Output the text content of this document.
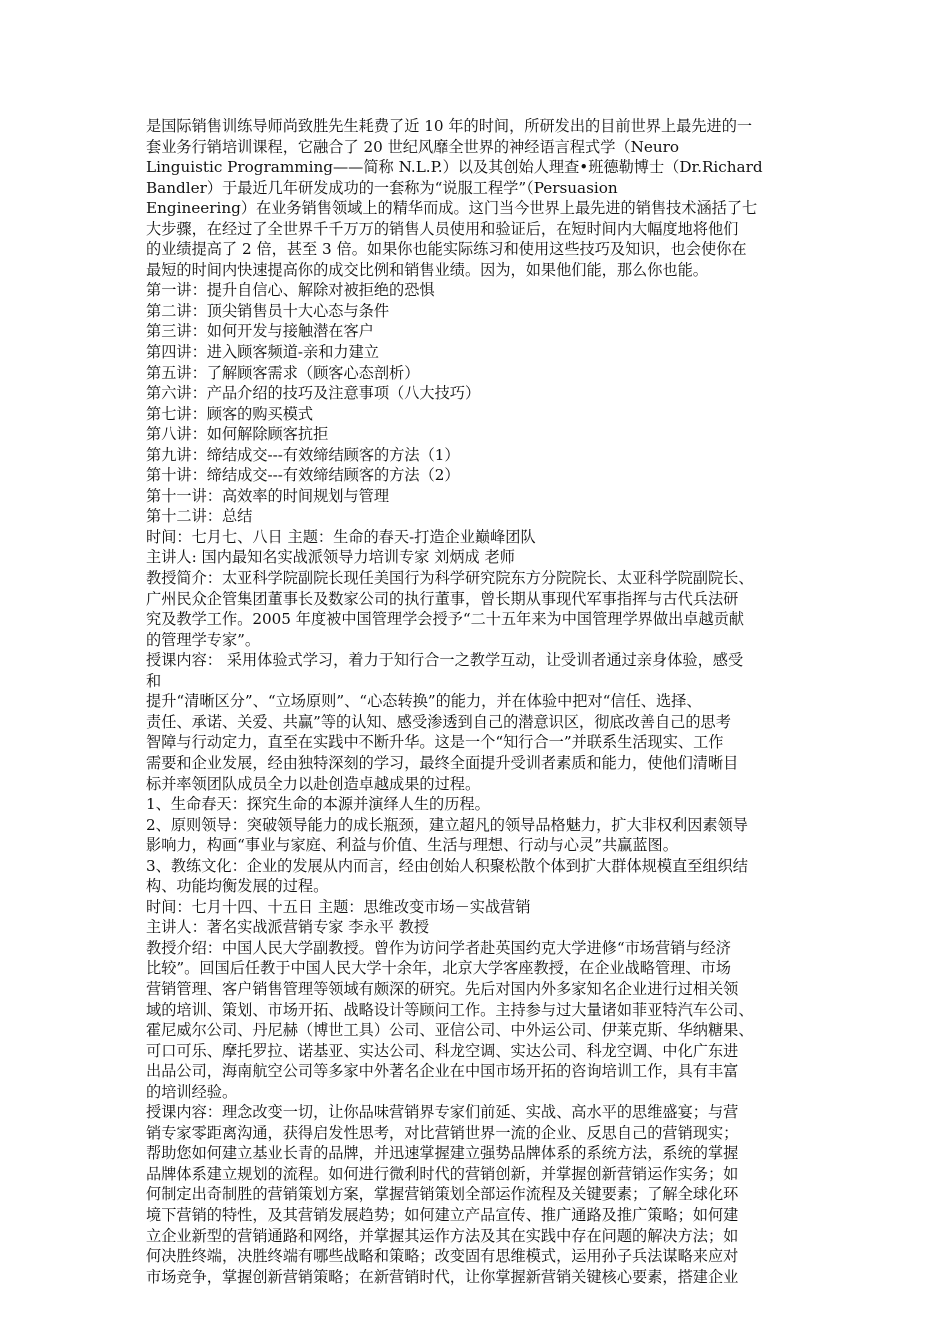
是国际销售训练导师尚致胜先生耗费了近 10 年的时间，所研发出的目前世界上最先进的一
套业务行销培训课程，它融合了 20 世纪风靡全世界的神经语言程式学（Neuro
Linguistic Programming——简称 N.L.P.）以及其创始人理查•班德勒博士（Dr.Richard
Bandler）于最近几年研发成功的一套称为“说服工程学”（Persuasion
Engineering）在业务销售领域上的精华而成。这门当今世界上最先进的销售技术涵括了七
大步骤，在经过了全世界千千万万的销售人员使用和验证后，在短时间内大幅度地将他们
的业绩提高了 2 倍，甚至 3 倍。如果你也能实际练习和使用这些技巧及知识，也会使你在
最短的时间内快速提高你的成交比例和销售业绩。因为，如果他们能，那么你也能。
第一讲：提升自信心、解除对被拒绝的恐惧
第二讲：顶尖销售员十大心态与条件
第三讲：如何开发与接触潜在客户
第四讲：进入顾客频道-亲和力建立
第五讲：了解顾客需求（顾客心态剖析）
第六讲：产品介绍的技巧及注意事项（八大技巧）
第七讲：顾客的购买模式
第八讲：如何解除顾客抗拒
第九讲：缔结成交---有效缔结顾客的方法（1）
第十讲：缔结成交---有效缔结顾客的方法（2）
第十一讲：高效率的时间规划与管理
第十二讲：总结
时间：七月七、八日 主题：生命的春天-打造企业巅峰团队
主讲人: 国内最知名实战派领导力培训专家 刘炳成 老师
教授简介：太亚科学院副院长现任美国行为科学研究院东方分院院长、太亚科学院副院长、
广州民众企管集团董事长及数家公司的执行董事，曾长期从事现代军事指挥与古代兵法研
究及教学工作。2005 年度被中国管理学会授予“二十五年来为中国管理学界做出卓越贡献
的管理学专家”。
授课内容： 采用体验式学习，着力于知行合一之教学互动，让受训者通过亲身体验，感受
和
提升“清晰区分”、“立场原则”、“心态转换”的能力，并在体验中把对“信任、选择、
责任、承诺、关爱、共赢”等的认知、感受渗透到自己的潜意识区，彻底改善自己的思考
智障与行动定力，直至在实践中不断升华。这是一个“知行合一”并联系生活现实、工作
需要和企业发展，经由独特深刻的学习，最终全面提升受训者素质和能力，使他们清晰目
标并率领团队成员全力以赴创造卓越成果的过程。
1、生命春天：探究生命的本源并演绎人生的历程。
2、原则领导：突破领导能力的成长瓶颈，建立超凡的领导品格魅力，扩大非权利因素领导
影响力，构画“事业与家庭、利益与价值、生活与理想、行动与心灵”共赢蓝图。
3、教练文化：企业的发展从内而言，经由创始人积聚松散个体到扩大群体规模直至组织结
构、功能均衡发展的过程。
时间：七月十四、十五日 主题：思维改变市场－实战营销
主讲人：著名实战派营销专家 李永平 教授
教授介绍：中国人民大学副教授。曾作为访问学者赴英国约克大学进修“市场营销与经济
比较”。回国后任教于中国人民大学十余年，北京大学客座教授，在企业战略管理、市场
营销管理、客户销售管理等领域有颇深的研究。先后对国内外多家知名企业进行过相关领
域的培训、策划、市场开拓、战略设计等顾问工作。主持参与过大量诸如菲亚特汽车公司、
霍尼威尔公司、丹尼赫（博世工具）公司、亚信公司、中外运公司、伊莱克斯、华纳糖果、
可口可乐、摩托罗拉、诺基亚、实达公司、科龙空调、实达公司、科龙空调、中化广东进
出品公司，海南航空公司等多家中外著名企业在中国市场开拓的咨询培训工作，具有丰富
的培训经验。
授课内容：理念改变一切，让你品味营销界专家们前延、实战、高水平的思维盛宴；与营
销专家零距离沟通，获得启发性思考，对比营销世界一流的企业、反思自己的营销现实；
帮助您如何建立基业长青的品牌，并迅速掌握建立强势品牌体系的系统方法，系统的掌握
品牌体系建立规划的流程。如何进行微利时代的营销创新，并掌握创新营销运作实务；如
何制定出奇制胜的营销策划方案，掌握营销策划全部运作流程及关键要素；了解全球化环
境下营销的特性，及其营销发展趋势；如何建立产品宣传、推广通路及推广策略；如何建
立企业新型的营销通路和网络，并掌握其运作方法及其在实践中存在问题的解决方法；如
何决胜终端，决胜终端有哪些战略和策略；改变固有思维模式，运用孙子兵法谋略来应对
市场竞争，掌握创新营销策略；在新营销时代，让你掌握新营销关键核心要素，搭建企业
